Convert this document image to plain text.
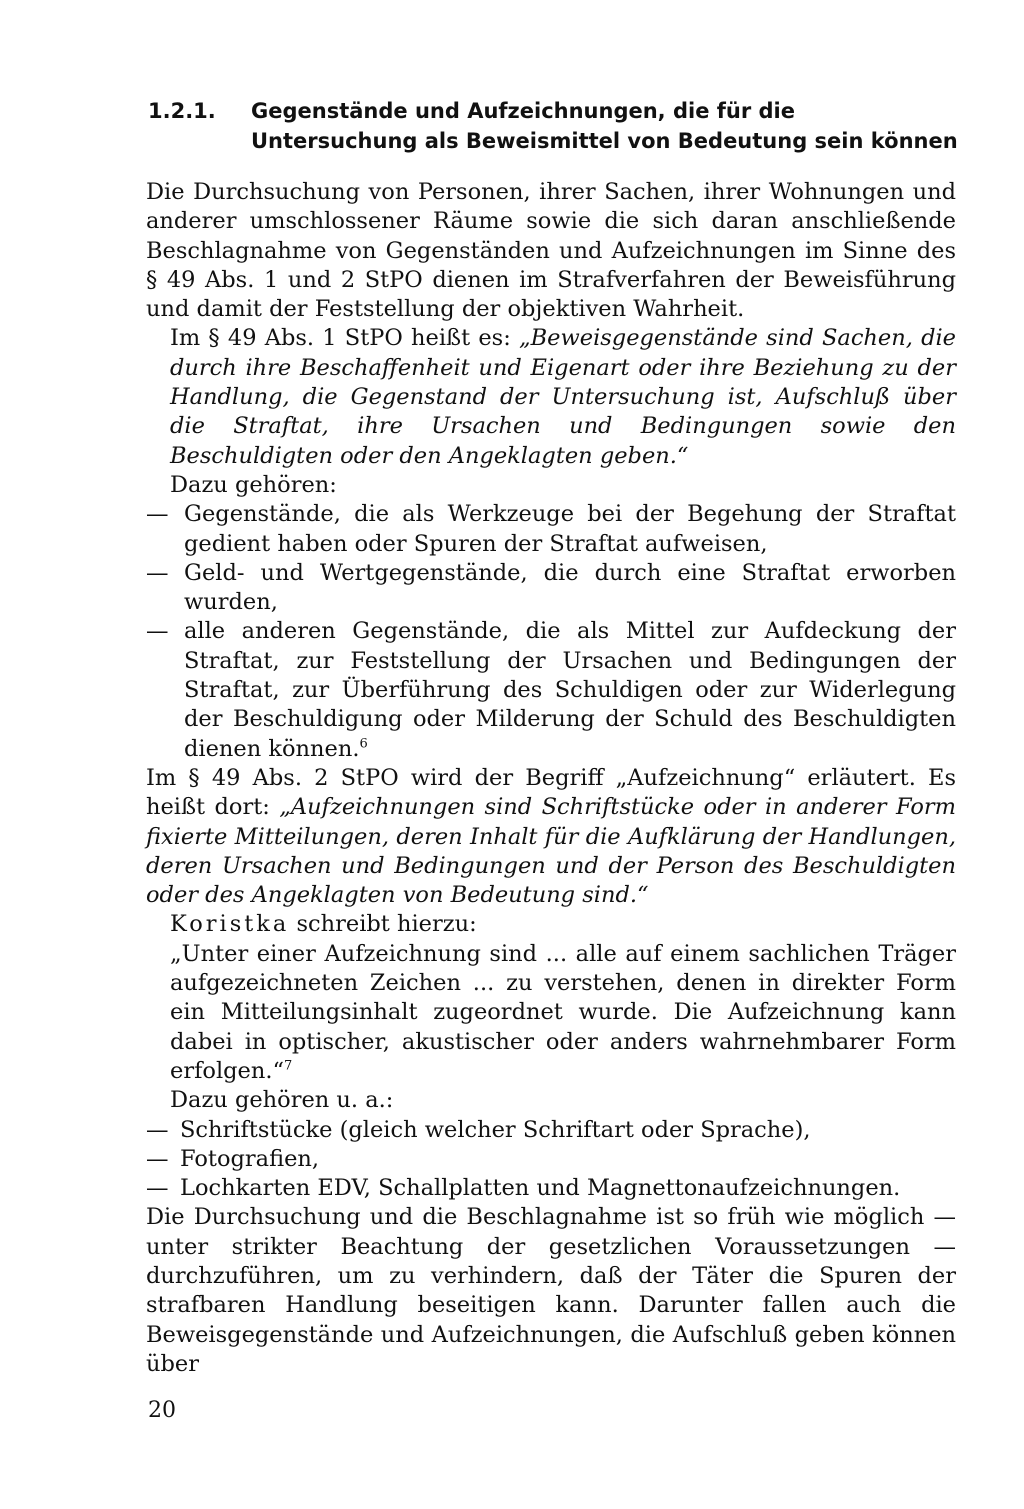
1.2.1. Gegenstände und Aufzeichnungen, die für die Untersuchung als Beweismittel von Bedeutung sein können

Die Durchsuchung von Personen, ihrer Sachen, ihrer Wohnungen und anderer umschlossener Räume sowie die sich daran anschließende Beschlagnahme von Gegenständen und Aufzeichnungen im Sinne des § 49 Abs. 1 und 2 StPO dienen im Strafverfahren der Beweisführung und damit der Feststellung der objektiven Wahrheit.

Im § 49 Abs. 1 StPO heißt es: „Beweisgegenstände sind Sachen, die durch ihre Beschaffenheit und Eigenart oder ihre Beziehung zu der Handlung, die Gegenstand der Untersuchung ist, Aufschluß über die Straftat, ihre Ursachen und Bedingungen sowie den Beschuldigten oder den Angeklagten geben.“

Dazu gehören:

— Gegenstände, die als Werkzeuge bei der Begehung der Straftat gedient haben oder Spuren der Straftat aufweisen,
— Geld- und Wertgegenstände, die durch eine Straftat erworben wurden,
— alle anderen Gegenstände, die als Mittel zur Aufdeckung der Straftat, zur Feststellung der Ursachen und Bedingungen der Straftat, zur Überführung des Schuldigen oder zur Widerlegung der Beschuldigung oder Milderung der Schuld des Beschuldigten dienen können.$^6$

Im § 49 Abs. 2 StPO wird der Begriff „Aufzeichnung“ erläutert. Es heißt dort: „Aufzeichnungen sind Schriftstücke oder in anderer Form fixierte Mitteilungen, deren Inhalt für die Aufklärung der Handlungen, deren Ursachen und Bedingungen und der Person des Beschuldigten oder des Angeklagten von Bedeutung sind.“

Koristka schreibt hierzu:

„Unter einer Aufzeichnung sind ... alle auf einem sachlichen Träger aufgezeichneten Zeichen ... zu verstehen, denen in direkter Form ein Mitteilungsinhalt zugeordnet wurde. Die Aufzeichnung kann dabei in optischer, akustischer oder anders wahrnehmbarer Form erfolgen.“$^7$

Dazu gehören u. a.:

— Schriftstücke (gleich welcher Schriftart oder Sprache),
— Fotografien,
— Lochkarten EDV, Schallplatten und Magnettonaufzeichnungen.

Die Durchsuchung und die Beschlagnahme ist so früh wie möglich — unter strikter Beachtung der gesetzlichen Voraussetzungen — durchzuführen, um zu verhindern, daß der Täter die Spuren der strafbaren Handlung beseitigen kann. Darunter fallen auch die Beweisgegenstände und Aufzeichnungen, die Aufschluß geben können über

20
